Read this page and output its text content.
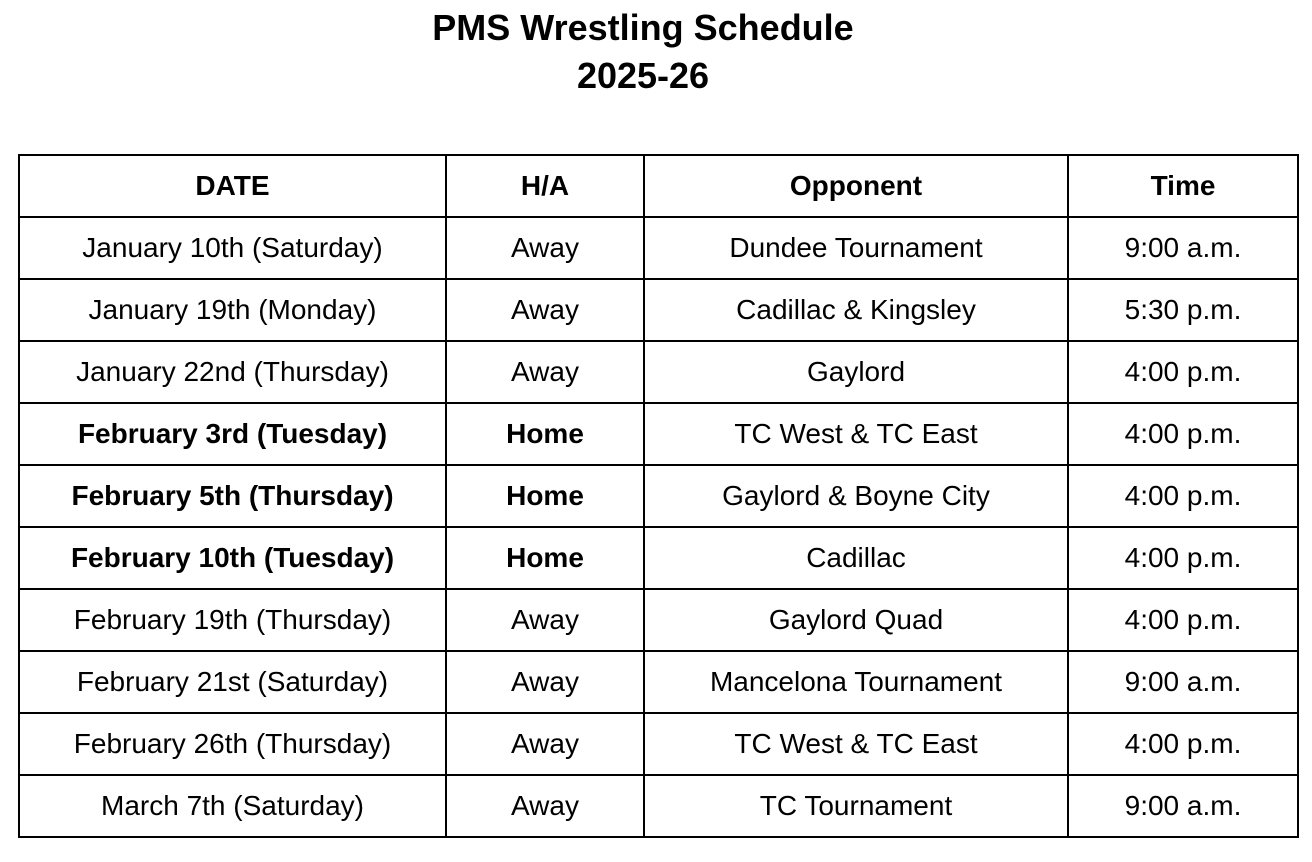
PMS Wrestling Schedule
2025-26
DATE	H/A	Opponent	Time
January 10th (Saturday)	Away	Dundee Tournament	9:00 a.m.
January 19th (Monday)	Away	Cadillac & Kingsley	5:30 p.m.
January 22nd (Thursday)	Away	Gaylord	4:00 p.m.
February 3rd (Tuesday)	Home	TC West & TC East	4:00 p.m.
February 5th (Thursday)	Home	Gaylord & Boyne City	4:00 p.m.
February 10th (Tuesday)	Home	Cadillac	4:00 p.m.
February 19th (Thursday)	Away	Gaylord Quad	4:00 p.m.
February 21st (Saturday)	Away	Mancelona Tournament	9:00 a.m.
February 26th (Thursday)	Away	TC West & TC East	4:00 p.m.
March 7th (Saturday)	Away	TC Tournament	9:00 a.m.
